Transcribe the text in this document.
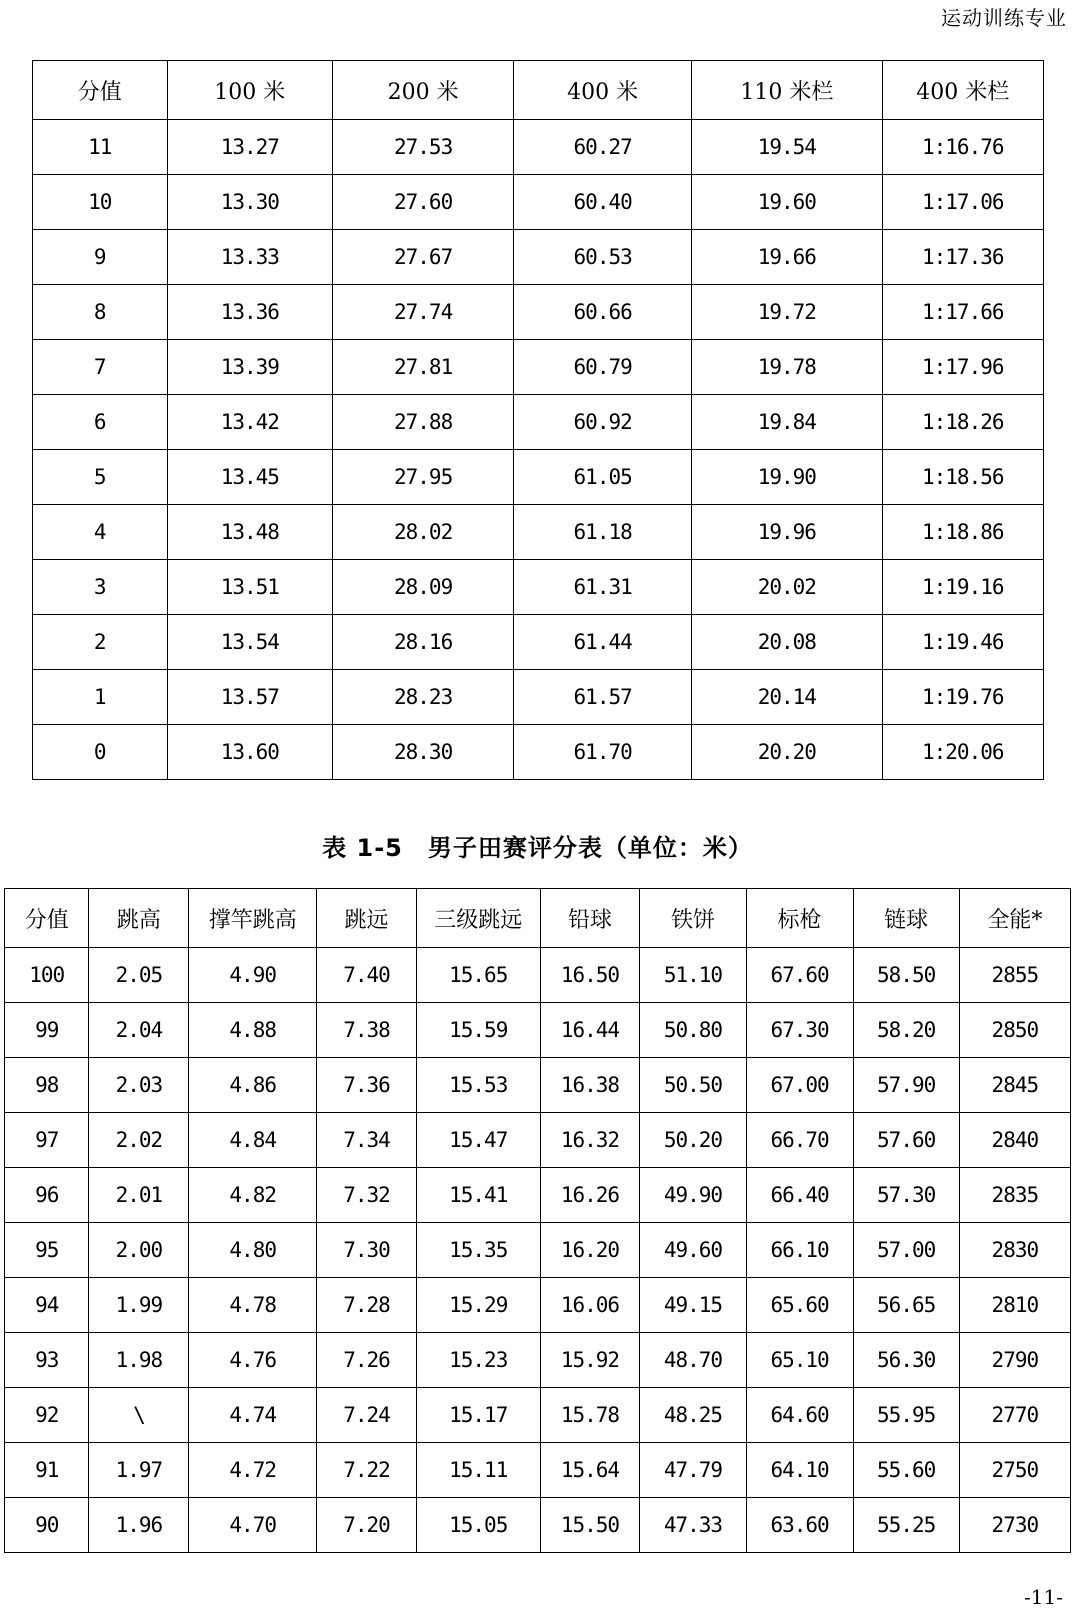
运动训练专业
分值	100 米	200 米	400 米	110 米栏	400 米栏
11	13.27	27.53	60.27	19.54	1:16.76
10	13.30	27.60	60.40	19.60	1:17.06
9	13.33	27.67	60.53	19.66	1:17.36
8	13.36	27.74	60.66	19.72	1:17.66
7	13.39	27.81	60.79	19.78	1:17.96
6	13.42	27.88	60.92	19.84	1:18.26
5	13.45	27.95	61.05	19.90	1:18.56
4	13.48	28.02	61.18	19.96	1:18.86
3	13.51	28.09	61.31	20.02	1:19.16
2	13.54	28.16	61.44	20.08	1:19.46
1	13.57	28.23	61.57	20.14	1:19.76
0	13.60	28.30	61.70	20.20	1:20.06
表 1-5　男子田赛评分表（单位：米）
分值	跳高	撑竿跳高	跳远	三级跳远	铅球	铁饼	标枪	链球	全能*
100	2.05	4.90	7.40	15.65	16.50	51.10	67.60	58.50	2855
99	2.04	4.88	7.38	15.59	16.44	50.80	67.30	58.20	2850
98	2.03	4.86	7.36	15.53	16.38	50.50	67.00	57.90	2845
97	2.02	4.84	7.34	15.47	16.32	50.20	66.70	57.60	2840
96	2.01	4.82	7.32	15.41	16.26	49.90	66.40	57.30	2835
95	2.00	4.80	7.30	15.35	16.20	49.60	66.10	57.00	2830
94	1.99	4.78	7.28	15.29	16.06	49.15	65.60	56.65	2810
93	1.98	4.76	7.26	15.23	15.92	48.70	65.10	56.30	2790
92	\	4.74	7.24	15.17	15.78	48.25	64.60	55.95	2770
91	1.97	4.72	7.22	15.11	15.64	47.79	64.10	55.60	2750
90	1.96	4.70	7.20	15.05	15.50	47.33	63.60	55.25	2730
-11-
